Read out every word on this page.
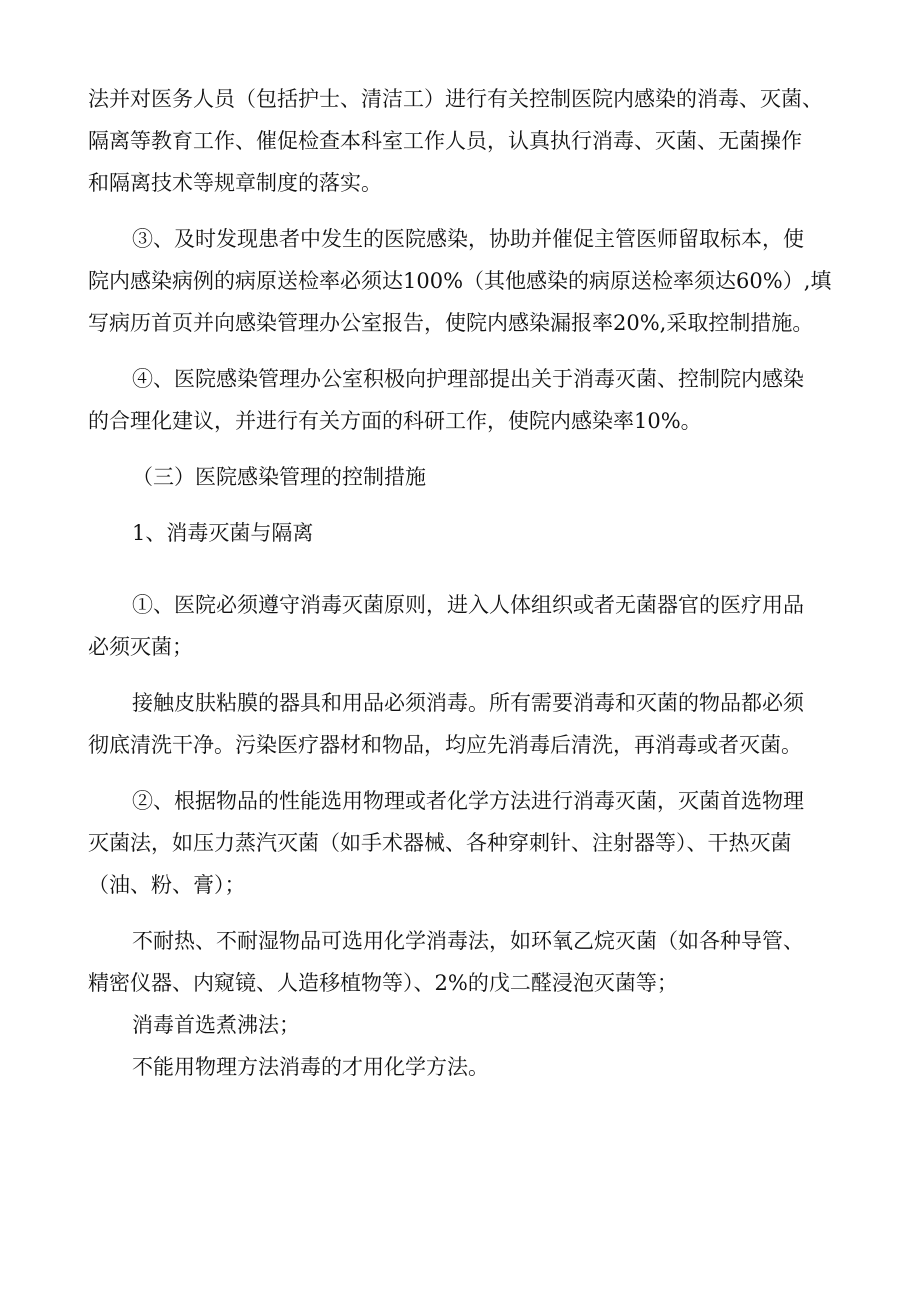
法并对医务人员（包括护士、清洁工）进行有关控制医院内感染的消毒、灭菌、
隔离等教育工作、催促检查本科室工作人员，认真执行消毒、灭菌、无菌操作
和隔离技术等规章制度的落实。
③、及时发现患者中发生的医院感染，协助并催促主管医师留取标本，使
院内感染病例的病原送检率必须达100%（其他感染的病原送检率须达60%）,填
写病历首页并向感染管理办公室报告，使院内感染漏报率20%,采取控制措施。
④、医院感染管理办公室积极向护理部提出关于消毒灭菌、控制院内感染
的合理化建议，并进行有关方面的科研工作，使院内感染率10%。
（三）医院感染管理的控制措施
1、消毒灭菌与隔离
①、医院必须遵守消毒灭菌原则，进入人体组织或者无菌器官的医疗用品
必须灭菌；
接触皮肤粘膜的器具和用品必须消毒。所有需要消毒和灭菌的物品都必须
彻底清洗干净。污染医疗器材和物品，均应先消毒后清洗，再消毒或者灭菌。
②、根据物品的性能选用物理或者化学方法进行消毒灭菌，灭菌首选物理
灭菌法，如压力蒸汽灭菌（如手术器械、各种穿刺针、注射器等）、干热灭菌
（油、粉、膏）；
不耐热、不耐湿物品可选用化学消毒法，如环氧乙烷灭菌（如各种导管、
精密仪器、内窥镜、人造移植物等）、2%的戊二醛浸泡灭菌等；
消毒首选煮沸法；
不能用物理方法消毒的才用化学方法。
